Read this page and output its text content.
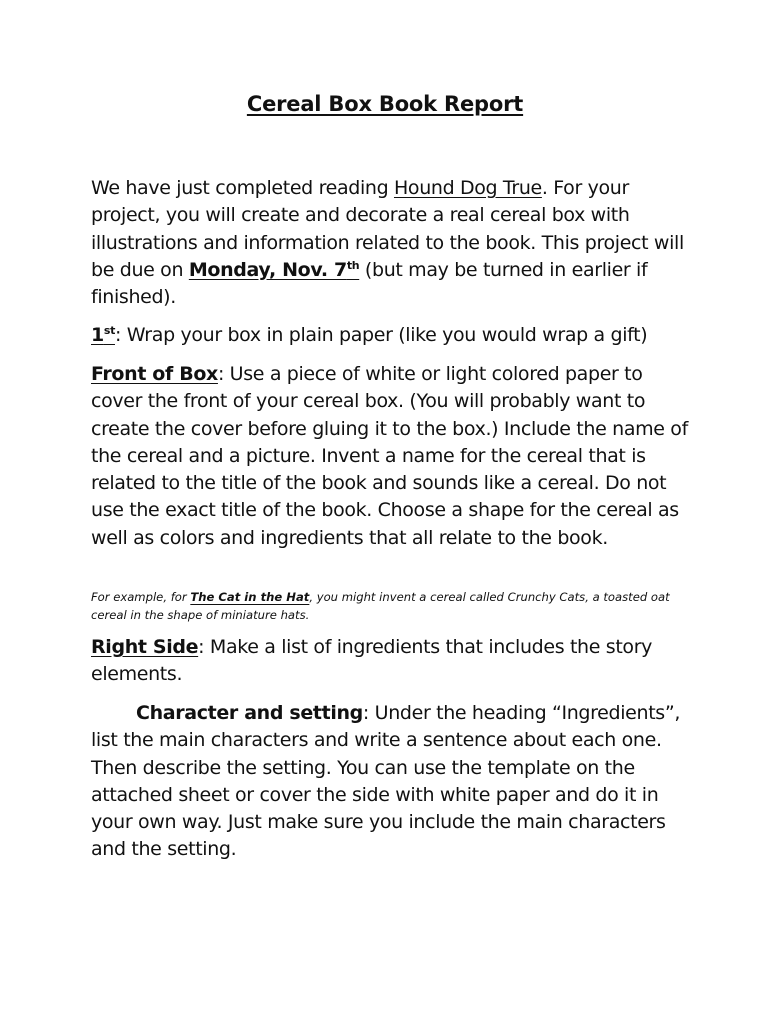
Cereal Box Book Report

We have just completed reading Hound Dog True. For your project, you will create and decorate a real cereal box with illustrations and information related to the book. This project will be due on Monday, Nov. 7th (but may be turned in earlier if finished).

1st: Wrap your box in plain paper (like you would wrap a gift)

Front of Box: Use a piece of white or light colored paper to cover the front of your cereal box. (You will probably want to create the cover before gluing it to the box.) Include the name of the cereal and a picture. Invent a name for the cereal that is related to the title of the book and sounds like a cereal. Do not use the exact title of the book. Choose a shape for the cereal as well as colors and ingredients that all relate to the book.

For example, for The Cat in the Hat, you might invent a cereal called Crunchy Cats, a toasted oat cereal in the shape of miniature hats.

Right Side: Make a list of ingredients that includes the story elements.

Character and setting: Under the heading “Ingredients”, list the main characters and write a sentence about each one. Then describe the setting. You can use the template on the attached sheet or cover the side with white paper and do it in your own way. Just make sure you include the main characters and the setting.
